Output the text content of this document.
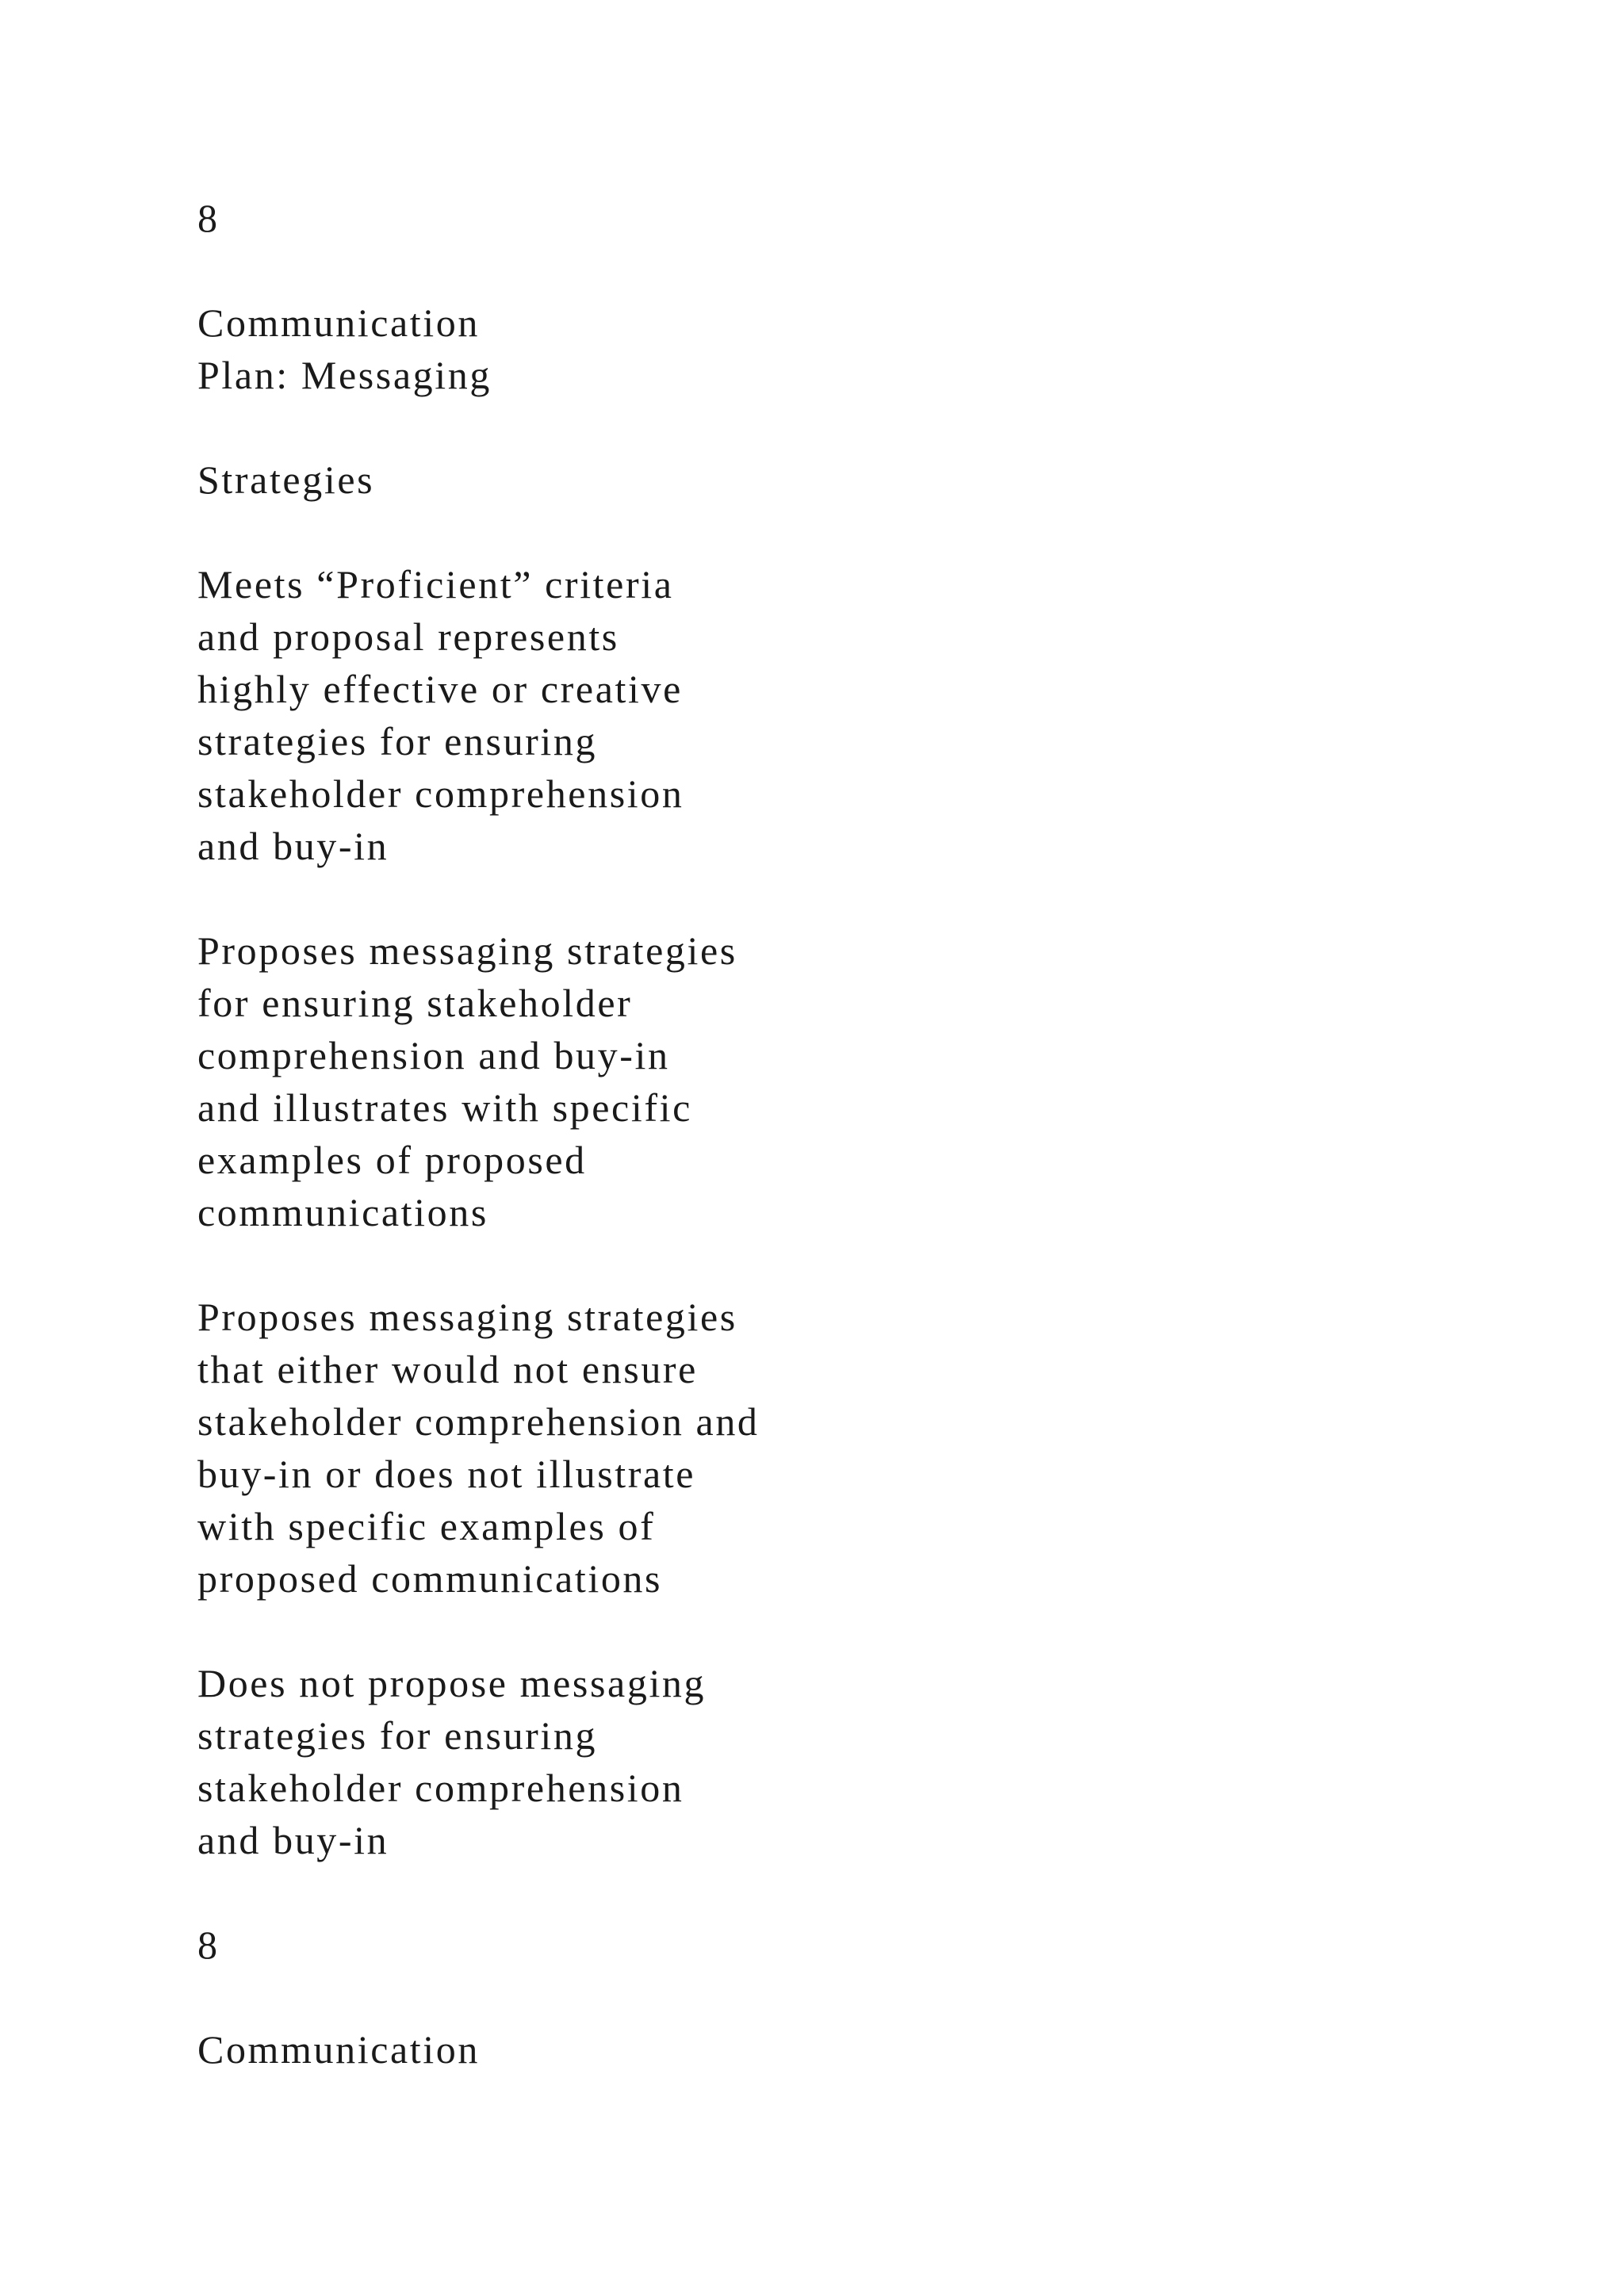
8
Communication
Plan: Messaging
Strategies
Meets “Proficient” criteria
and proposal represents
highly effective or creative
strategies for ensuring
stakeholder comprehension
and buy-in
Proposes messaging strategies
for ensuring stakeholder
comprehension and buy-in
and illustrates with specific
examples of proposed
communications
Proposes messaging strategies
that either would not ensure
stakeholder comprehension and
buy-in or does not illustrate
with specific examples of
proposed communications
Does not propose messaging
strategies for ensuring
stakeholder comprehension
and buy-in
8
Communication
